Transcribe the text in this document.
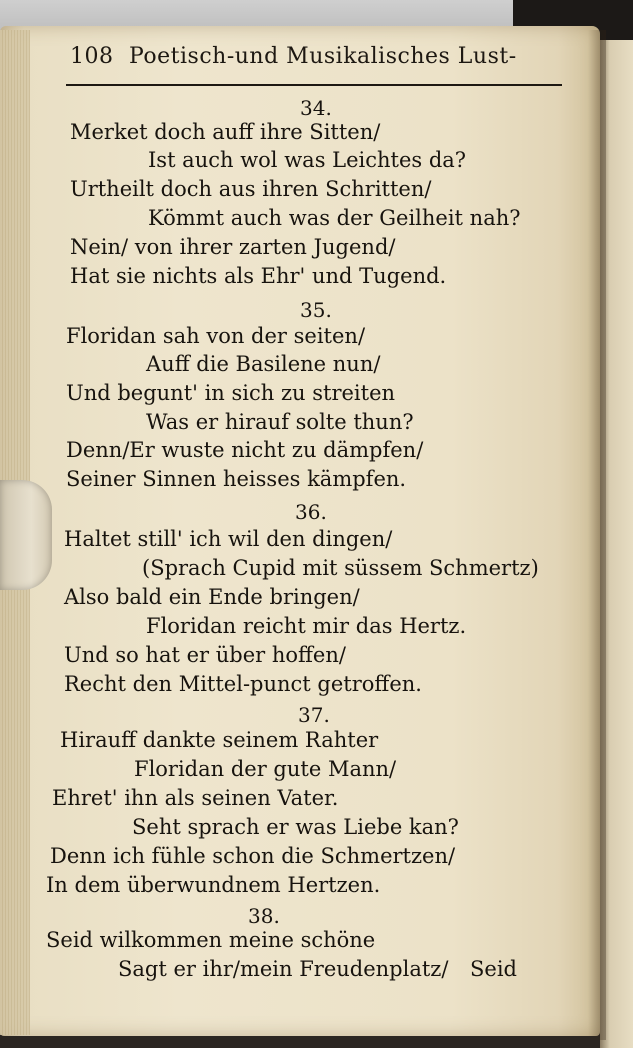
108 Poetisch-und Musikalisches Lust-
34.
Merket doch auff ihre Sitten/
Ist auch wol was Leichtes da?
Urtheilt doch aus ihren Schritten/
Kömmt auch was der Geilheit nah?
Nein/ von ihrer zarten Jugend/
Hat sie nichts als Ehr' und Tugend.
35.
Floridan sah von der seiten/
Auff die Basilene nun/
Und begunt' in sich zu streiten
Was er hirauf solte thun?
Denn/Er wuste nicht zu dämpfen/
Seiner Sinnen heisses kämpfen.
36.
Haltet still' ich wil den dingen/
(Sprach Cupid mit süssem Schmertz)
Also bald ein Ende bringen/
Floridan reicht mir das Hertz.
Und so hat er über hoffen/
Recht den Mittel-punct getroffen.
37.
Hirauff dankte seinem Rahter
Floridan der gute Mann/
Ehret' ihn als seinen Vater.
Seht sprach er was Liebe kan?
Denn ich fühle schon die Schmertzen/
In dem überwundnem Hertzen.
38.
Seid wilkommen meine schöne
Sagt er ihr/mein Freudenplatz/ Seid
